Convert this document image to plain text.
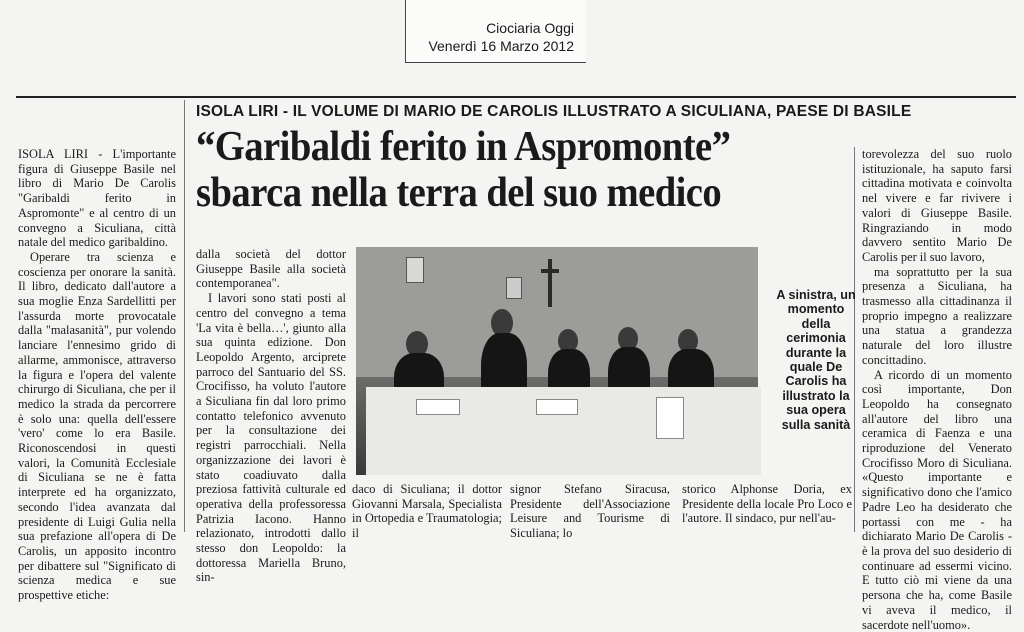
Ciociaria Oggi
Venerdì 16 Marzo 2012
ISOLA LIRI - IL VOLUME DI MARIO DE CAROLIS ILLUSTRATO A SICULIANA, PAESE DI BASILE
“Garibaldi ferito in Aspromonte”
sbarca nella terra del suo medico

ISOLA LIRI - L'importante figura di Giuseppe Basile nel libro di Mario De Carolis "Garibaldi ferito in Aspromonte" e al centro di un convegno a Siculiana, città natale del medico garibaldino.

Operare tra scienza e coscienza per onorare la sanità. Il libro, dedicato dall'autore a sua moglie Enza Sardellitti per l'assurda morte provocatale dalla "malasanità", pur volendo lanciare l'ennesimo grido di allarme, ammonisce, attraverso la figura e l'opera del valente chirurgo di Siculiana, che per il medico la strada da percorrere è solo una: quella dell'essere 'vero' come lo era Basile. Riconoscendosi in questi valori, la Comunità Ecclesiale di Siculiana se ne è fatta interprete ed ha organizzato, secondo l'idea avanzata dal presidente di Luigi Gulia nella sua prefazione all'opera di De Carolis, un apposito incontro per dibattere sul "Significato di scienza medica e sue prospettive etiche:

dalla società del dottor Giuseppe Basile alla società contemporanea".

I lavori sono stati posti al centro del convegno a tema 'La vita è bella…', giunto alla sua quinta edizione. Don Leopoldo Argento, arciprete parroco del Santuario del SS. Crocifisso, ha voluto l'autore a Siculiana fin dal loro primo contatto telefonico avvenuto per la consultazione dei registri parrocchiali. Nella organizzazione dei lavori è stato coadiuvato dalla preziosa fattività culturale ed operativa della professoressa Patrizia Iacono. Hanno relazionato, introdotti dallo stesso don Leopoldo: la dottoressa Mariella Bruno, sin-

A sinistra, un momento della cerimonia durante la quale De Carolis ha illustrato la sua opera sulla sanità
daco di Siculiana; il dottor Giovanni Marsala, Specialista in Ortopedia e Traumatologia; il
signor Stefano Siracusa, Presidente dell'Associazione Leisure and Tourisme di Siculiana; lo
storico Alphonse Doria, ex Presidente della locale Pro Loco e l'autore. Il sindaco, pur nell'au-

torevolezza del suo ruolo istituzionale, ha saputo farsi cittadina motivata e coinvolta nel vivere e far rivivere i valori di Giuseppe Basile. Ringraziando in modo davvero sentito Mario De Carolis per il suo lavoro,

ma soprattutto per la sua presenza a Siculiana, ha trasmesso alla cittadinanza il proprio impegno a realizzare una statua a grandezza naturale del loro illustre concittadino.

A ricordo di un momento così importante, Don Leopoldo ha consegnato all'autore del libro una ceramica di Faenza e una riproduzione del Venerato Crocifisso Moro di Siculiana. «Questo importante e significativo dono che l'amico Padre Leo ha desiderato che portassi con me - ha dichiarato Mario De Carolis - è la prova del suo desiderio di continuare ad essermi vicino. E tutto ciò mi viene da una persona che ha, come Basile vi aveva il medico, il sacerdote nell'uomo».
